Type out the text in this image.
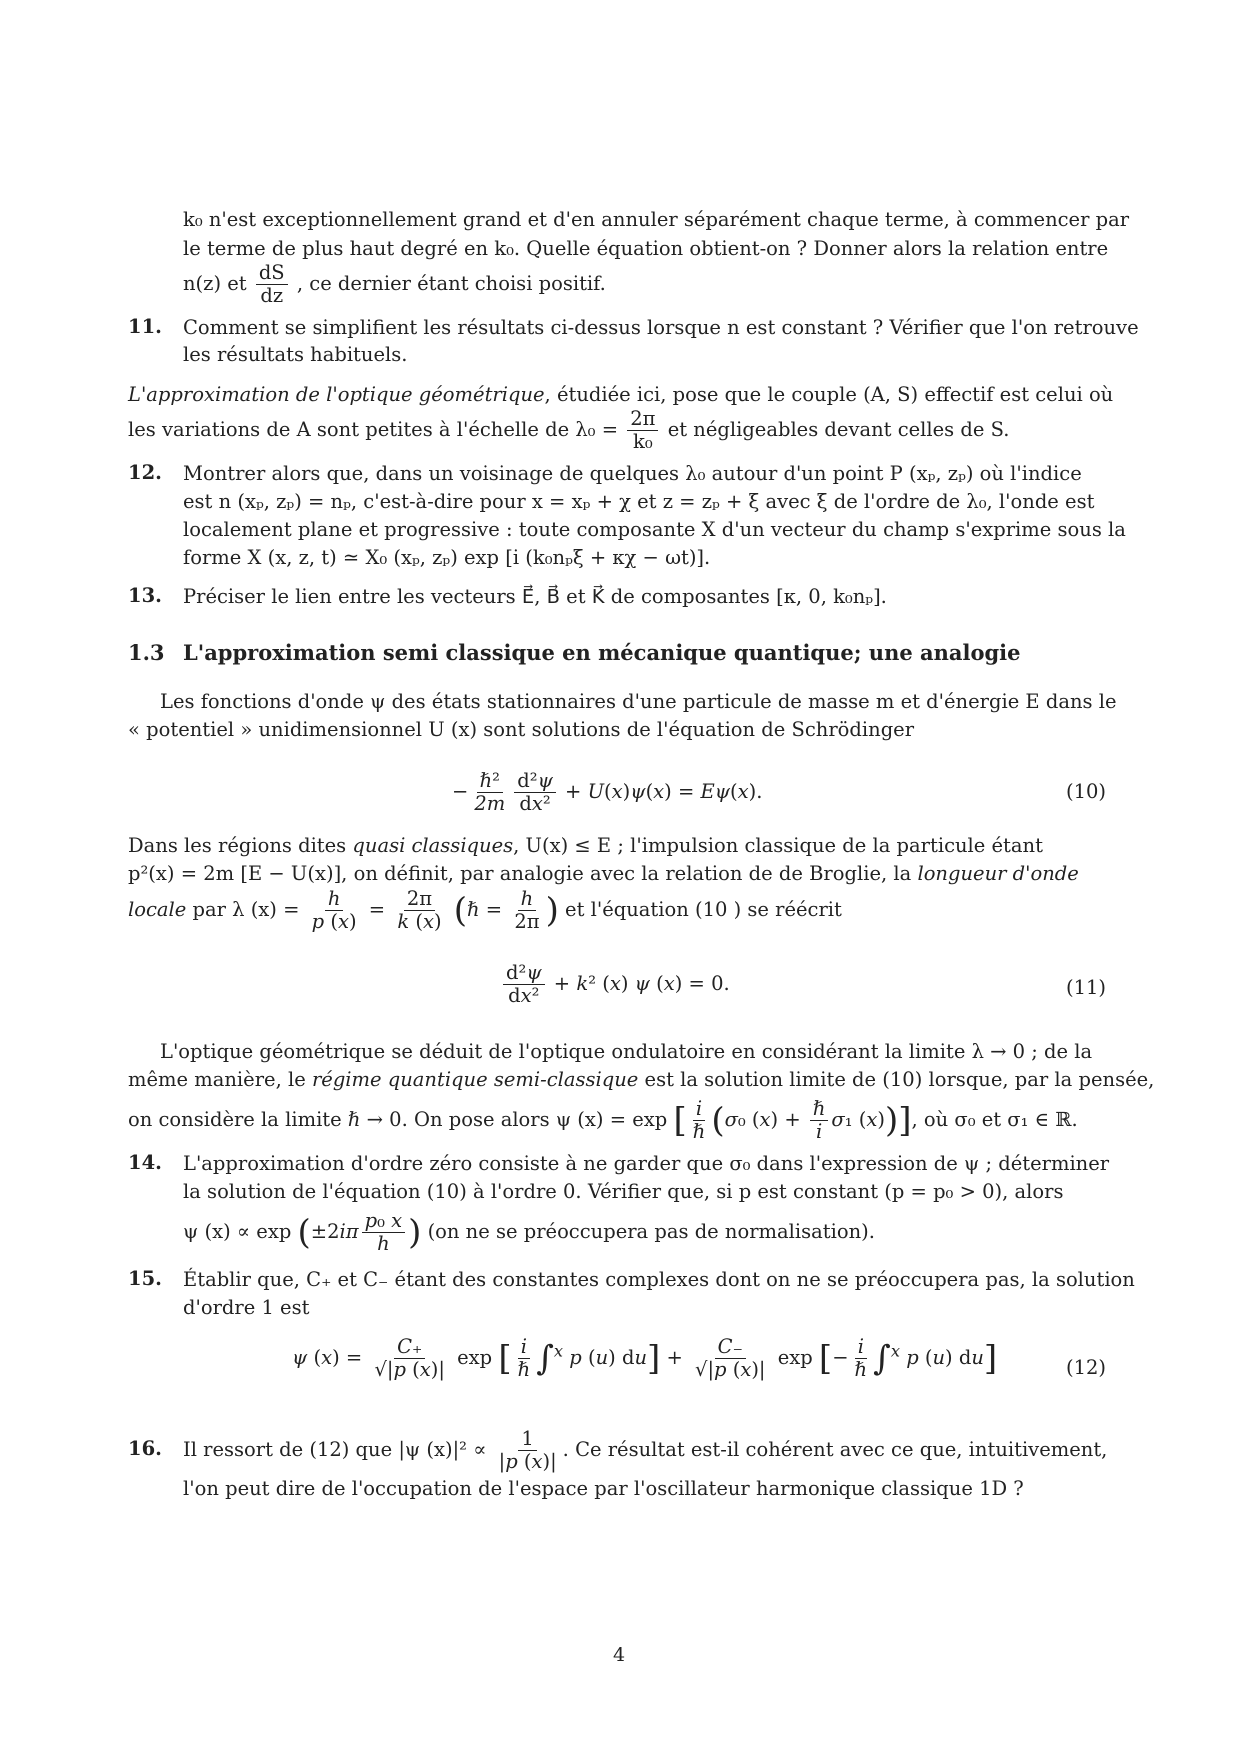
k₀ n'est exceptionnellement grand et d'en annuler séparément chaque terme, à commencer par
le terme de plus haut degré en k₀. Quelle équation obtient-on ? Donner alors la relation entre
n(z) et $\frac{dS}{dz}$ , ce dernier étant choisi positif.
11. Comment se simplifient les résultats ci-dessus lorsque n est constant ? Vérifier que l'on retrouve
les résultats habituels.
L'approximation de l'optique géométrique, étudiée ici, pose que le couple (A, S) effectif est celui où
les variations de A sont petites à l'échelle de $\lambda_0 = \frac{2\pi}{\text{k₀}}$ et négligeables devant celles de S.
12. Montrer alors que, dans un voisinage de quelques λ₀ autour d'un point P (xₚ, zₚ) où l'indice
est n (xₚ, zₚ) = nₚ, c'est-à-dire pour x = xₚ + χ et z = zₚ + ξ avec ξ de l'ordre de λ₀, l'onde est
localement plane et progressive : toute composante X d'un vecteur du champ s'exprime sous la
forme X (x, z, t) ≃ X₀ (xₚ, zₚ) exp [i (k₀nₚξ + κχ − ωt)].
13. Préciser le lien entre les vecteurs E⃗, B⃗ et K⃗ de composantes [κ, 0, k₀nₚ].
1.3 L'approximation semi classique en mécanique quantique; une analogie
Les fonctions d'onde ψ des états stationnaires d'une particule de masse m et d'énergie E dans le
« potentiel » unidimensionnel U (x) sont solutions de l'équation de Schrödinger
− $\frac{\text{ℏ²}}{2m} \frac{\text{d²ψ}}{\text{dx²}} + U(x)\psi(x) = E\psi(x)$.	(10)
Dans les régions dites quasi classiques, U(x) ≤ E ; l'impulsion classique de la particule étant
p²(x) = 2m [E − U(x)], on définit, par analogie avec la relation de de Broglie, la longueur d'onde
locale par λ $(x) = \frac{h}{p (x)} = \frac{2\pi}{k (x)}$ (ℏ = $\frac{h}{2\pi}$ ) et l'équation (10 ) se réécrit
$\frac{\text{d²ψ}}{\text{dx²}} + k^2$ (x) ψ (x) = 0.	(11)
L'optique géométrique se déduit de l'optique ondulatoire en considérant la limite λ → 0 ; de la
même manière, le régime quantique semi-classique est la solution limite de (10) lorsque, par la pensée,
on considère la limite ℏ → 0. On pose alors ψ (x) = exp [ $\frac{i}{\text{ℏ}} (\sigma_0$ $(x) + \frac{\text{ℏ}}{i} \sigma_1$ (x))], où σ₀ et σ₁ ∈ ℝ.
14. L'approximation d'ordre zéro consiste à ne garder que σ₀ dans l'expression de ψ ; déterminer
la solution de l'équation (10) à l'ordre 0. Vérifier que, si p est constant (p = p₀ > 0), alors
ψ $(x) \propto \exp (\pm 2i\pi \frac{\text{p₀ x}}{h}$ ) (on ne se préoccupera pas de normalisation).
15. Établir que, C₊ et C₋ étant des constantes complexes dont on ne se préoccupera pas, la solution
d'ordre 1 est
ψ $(x) = \frac{C_+}{√|p (x)|}$ exp [ $\frac{i}{\text{ℏ}} \int^x$ p (u) $du] + \frac{C_-}{√|p (x)|}$ exp [− $\frac{i}{\text{ℏ}} \int^x$ p (u) du]	(12)
16. Il ressort de (12) que |ψ $(x)|^2 \propto \frac{1}{|p (x)|}$ . Ce résultat est-il cohérent avec ce que, intuitivement,
l'on peut dire de l'occupation de l'espace par l'oscillateur harmonique classique 1D ?
4
